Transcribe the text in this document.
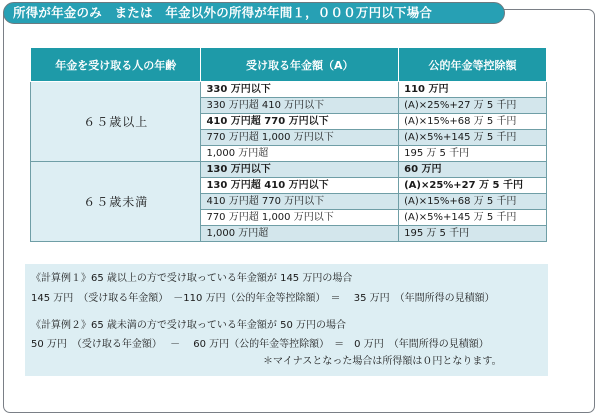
所得が年金のみ　または　年金以外の所得が年間１，０００万円以下場合
年金を受け取る人の年齢	受け取る年金額（A）	公的年金等控除額
６５歳以上	330 万円以下	110 万円
	330 万円超 410 万円以下	(A)×25%+27 万 5 千円
	410 万円超 770 万円以下	(A)×15%+68 万 5 千円
	770 万円超 1,000 万円以下	(A)×5%+145 万 5 千円
	1,000 万円超	195 万 5 千円
６５歳未満	130 万円以下	60 万円
	130 万円超 410 万円以下	(A)×25%+27 万 5 千円
	410 万円超 770 万円以下	(A)×15%+68 万 5 千円
	770 万円超 1,000 万円以下	(A)×5%+145 万 5 千円
	1,000 万円超	195 万 5 千円

《計算例１》65 歳以上の方で受け取っている年金額が 145 万円の場合

145 万円　（受け取る年金額）　－110 万円（公的年金等控除額）　＝　 35 万円　（年間所得の見積額）

《計算例２》65 歳未満の方で受け取っている年金額が 50 万円の場合

50 万円　（受け取る年金額）　 －　 60 万円（公的年金等控除額）　＝　0 万円　（年間所得の見積額）

＊マイナスとなった場合は所得額は０円となります。
